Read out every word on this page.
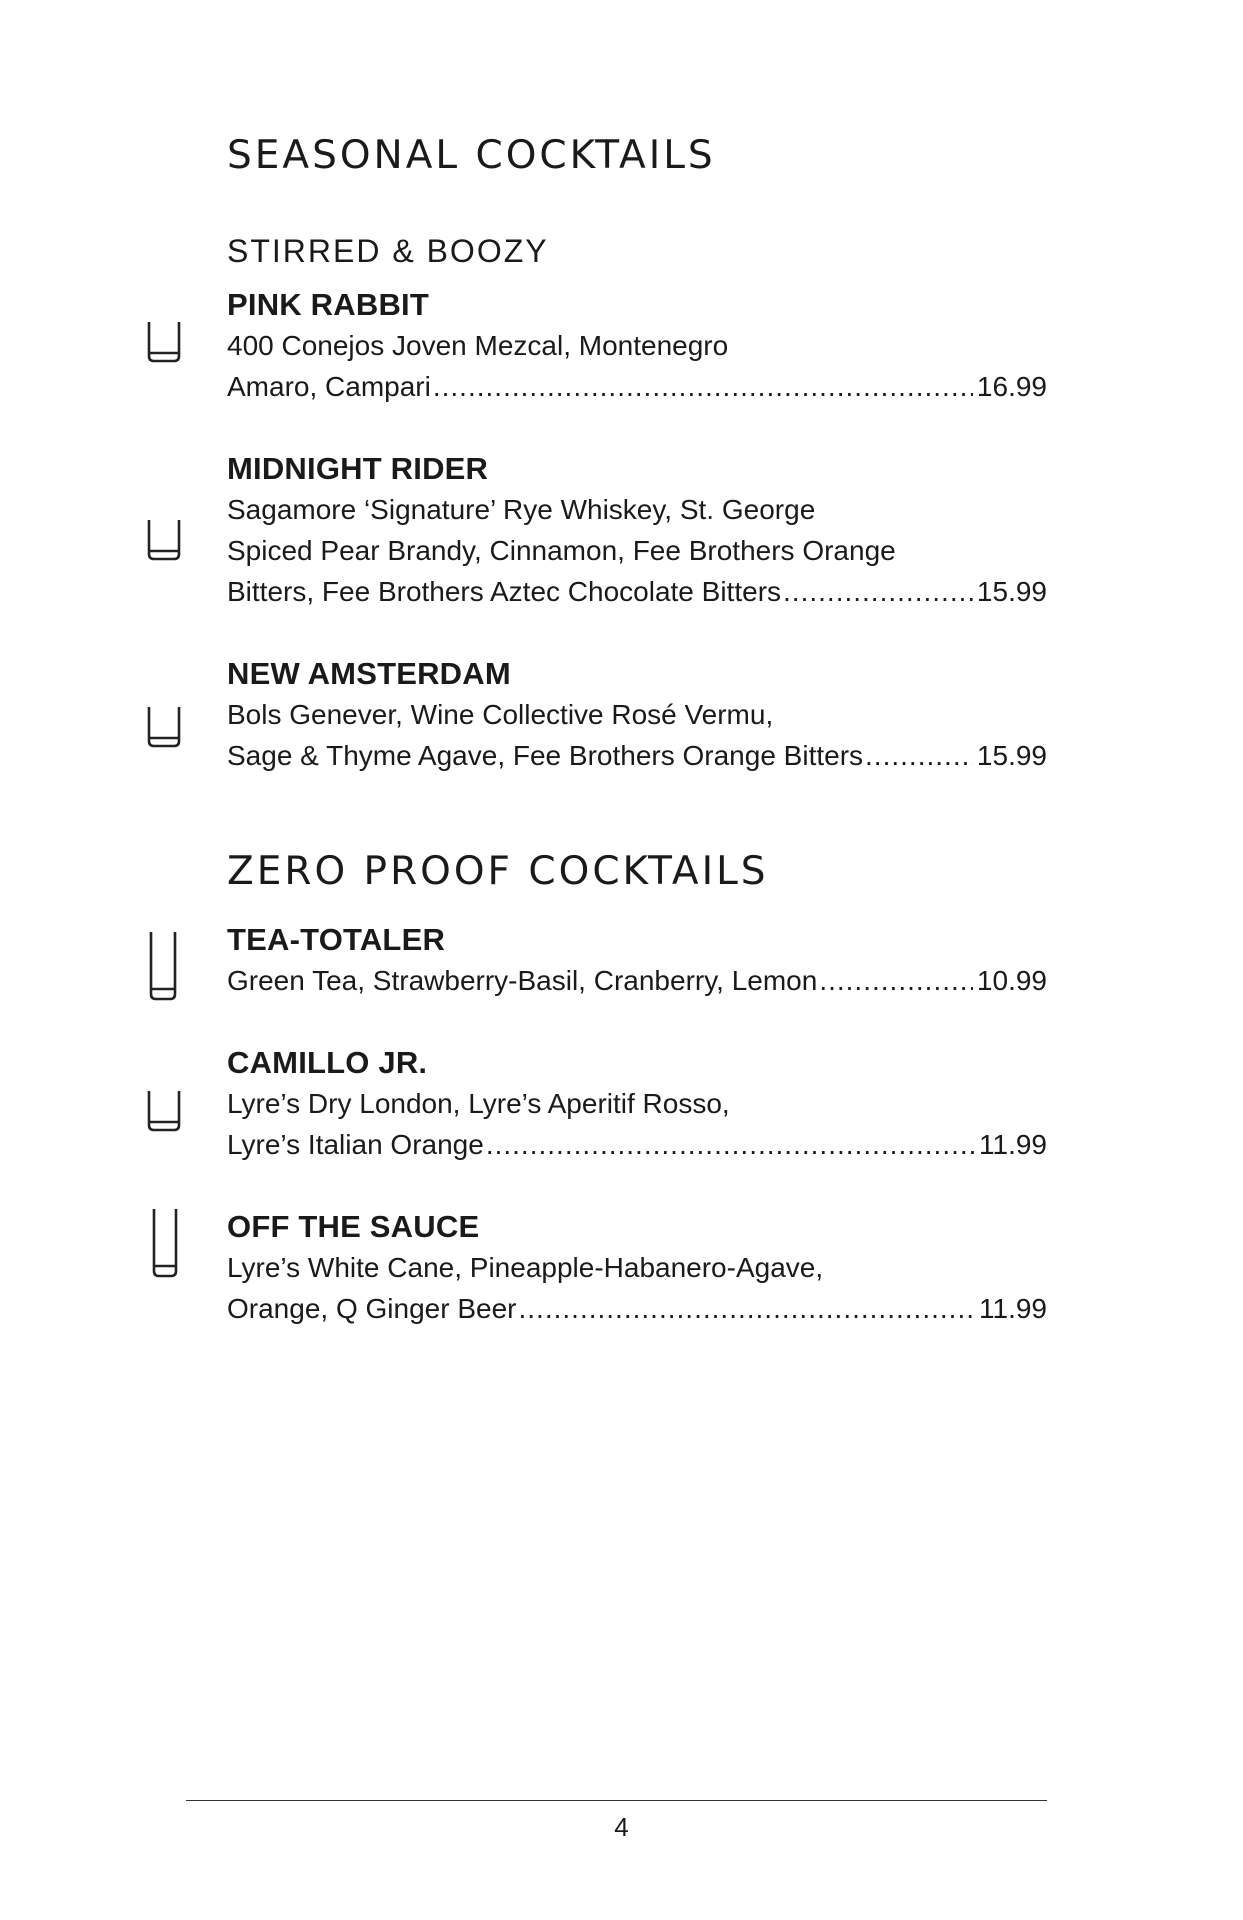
SEASONAL COCKTAILS
STIRRED & BOOZY
PINK RABBIT
400 Conejos Joven Mezcal, Montenegro
Amaro, Campari .....	16.99
MIDNIGHT RIDER
Sagamore ‘Signature’ Rye Whiskey, St. George
Spiced Pear Brandy, Cinnamon, Fee Brothers Orange
Bitters, Fee Brothers Aztec Chocolate Bitters .....	15.99
NEW AMSTERDAM
Bols Genever, Wine Collective Rosé Vermu,
Sage & Thyme Agave, Fee Brothers Orange Bitters .....	15.99
ZERO PROOF COCKTAILS
TEA-TOTALER
Green Tea, Strawberry-Basil, Cranberry, Lemon .....	10.99
CAMILLO JR.
Lyre’s Dry London, Lyre’s Aperitif Rosso,
Lyre’s Italian Orange .....	11.99
OFF THE SAUCE
Lyre’s White Cane, Pineapple-Habanero-Agave,
Orange, Q Ginger Beer .....	11.99
4
